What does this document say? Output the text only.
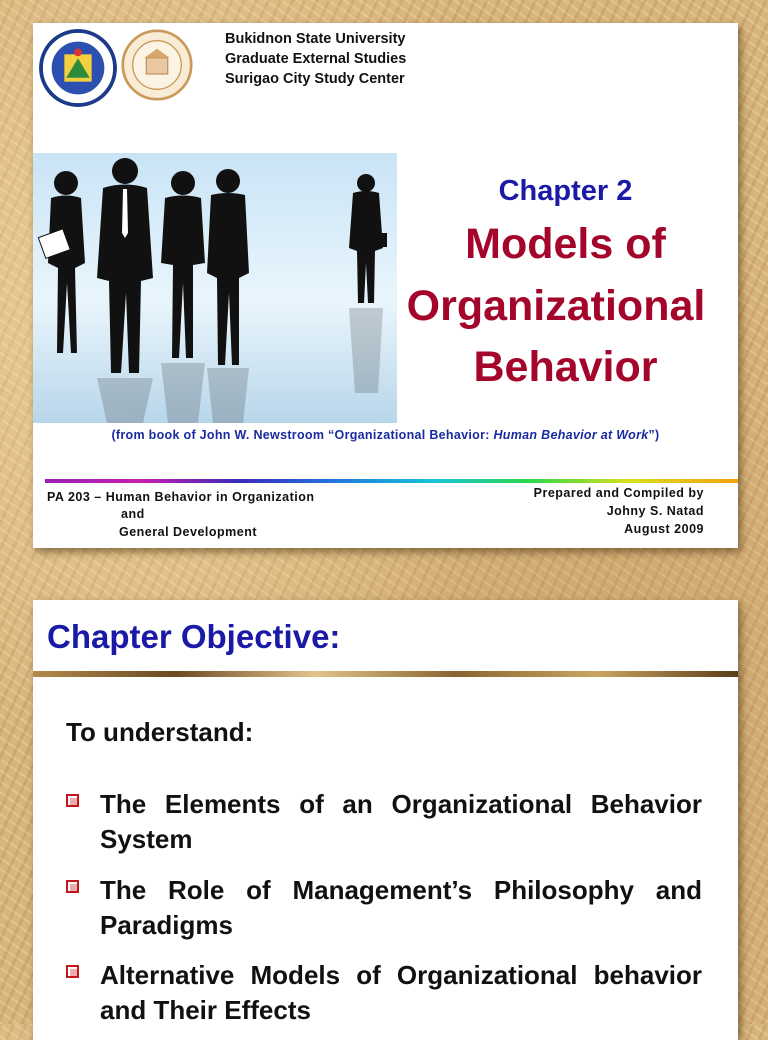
Bukidnon State University
Graduate External Studies
Surigao City Study Center
Chapter 2
Models of
Organizational
Behavior
(from book of John W. Newstroom “Organizational Behavior: Human Behavior at Work”)
PA 203 – Human Behavior in Organization
and
General Development
Prepared and Compiled by
Johny S. Natad
August 2009
Chapter Objective:
To understand:
The Elements of an Organizational Behavior System
The Role of Management’s Philosophy and Paradigms
Alternative Models of Organizational behavior and Their Effects
